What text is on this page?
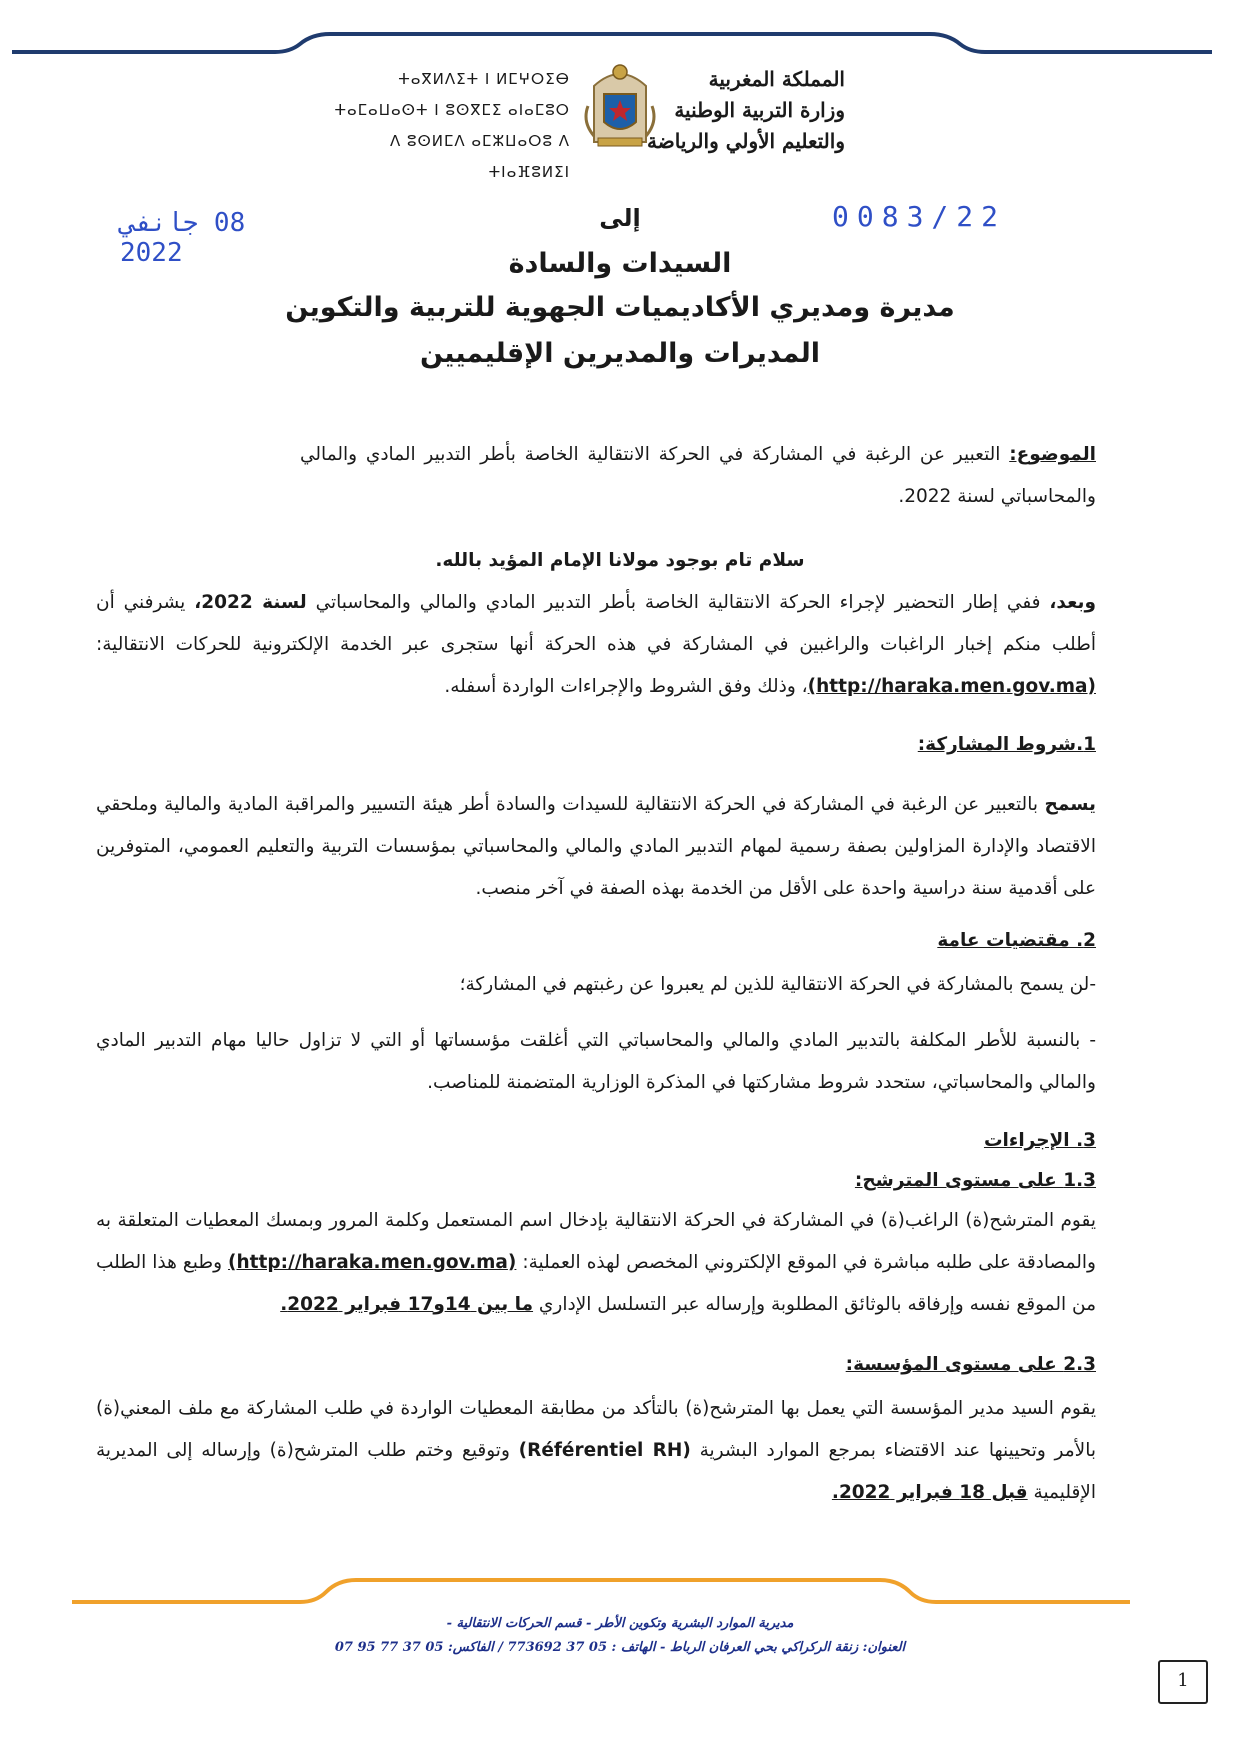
المملكة المغربية
وزارة التربية الوطنية
والتعليم الأولي والرياضة
ⵜⴰⴳⵍⴷⵉⵜ ⵏ ⵍⵎⵖⵔⵉⴱ
ⵜⴰⵎⴰⵡⴰⵙⵜ ⵏ ⵓⵙⴳⵎⵉ ⴰⵏⴰⵎⵓⵔ
ⴷ ⵓⵙⵍⵎⴷ ⴰⵎⵣⵡⴰⵔⵓ ⴷ ⵜⵏⴰⴼⵓⵍⵉⵏ
08 جانفي 2022
0083/22
إلى
السيدات والسادة
مديرة ومديري الأكاديميات الجهوية للتربية والتكوين
المديرات والمديرين الإقليميين
الموضوع: التعبير عن الرغبة في المشاركة في الحركة الانتقالية الخاصة بأطر التدبير المادي والمالي والمحاسباتي لسنة 2022.
سلام تام بوجود مولانا الإمام المؤيد بالله.
وبعد، ففي إطار التحضير لإجراء الحركة الانتقالية الخاصة بأطر التدبير المادي والمالي والمحاسباتي لسنة 2022، يشرفني أن أطلب منكم إخبار الراغبات والراغبين في المشاركة في هذه الحركة أنها ستجرى عبر الخدمة الإلكترونية للحركات الانتقالية: (http://haraka.men.gov.ma)، وذلك وفق الشروط والإجراءات الواردة أسفله.
1.شروط المشاركة:
يسمح بالتعبير عن الرغبة في المشاركة في الحركة الانتقالية للسيدات والسادة أطر هيئة التسيير والمراقبة المادية والمالية وملحقي الاقتصاد والإدارة المزاولين بصفة رسمية لمهام التدبير المادي والمالي والمحاسباتي بمؤسسات التربية والتعليم العمومي، المتوفرين على أقدمية سنة دراسية واحدة على الأقل من الخدمة بهذه الصفة في آخر منصب.
2. مقتضيات عامة
-لن يسمح بالمشاركة في الحركة الانتقالية للذين لم يعبروا عن رغبتهم في المشاركة؛
- بالنسبة للأطر المكلفة بالتدبير المادي والمالي والمحاسباتي التي أغلقت مؤسساتها أو التي لا تزاول حاليا مهام التدبير المادي والمالي والمحاسباتي، ستحدد شروط مشاركتها في المذكرة الوزارية المتضمنة للمناصب.
3. الإجراءات
1.3 على مستوى المترشح:
يقوم المترشح(ة) الراغب(ة) في المشاركة في الحركة الانتقالية بإدخال اسم المستعمل وكلمة المرور وبمسك المعطيات المتعلقة به والمصادقة على طلبه مباشرة في الموقع الإلكتروني المخصص لهذه العملية: (http://haraka.men.gov.ma) وطبع هذا الطلب من الموقع نفسه وإرفاقه بالوثائق المطلوبة وإرساله عبر التسلسل الإداري ما بين 14و17 فبراير 2022.
2.3 على مستوى المؤسسة:
يقوم السيد مدير المؤسسة التي يعمل بها المترشح(ة) بالتأكد من مطابقة المعطيات الواردة في طلب المشاركة مع ملف المعني(ة) بالأمر وتحيينها عند الاقتضاء بمرجع الموارد البشرية (Référentiel RH) وتوقيع وختم طلب المترشح(ة) وإرساله إلى المديرية الإقليمية قبل 18 فبراير 2022.
مديرية الموارد البشرية وتكوين الأطر - قسم الحركات الانتقالية -
العنوان: زنقة الركراكي بحي العرفان الرباط - الهاتف : 05 37 773692 / الفاكس: 05 37 77 95 07
1
